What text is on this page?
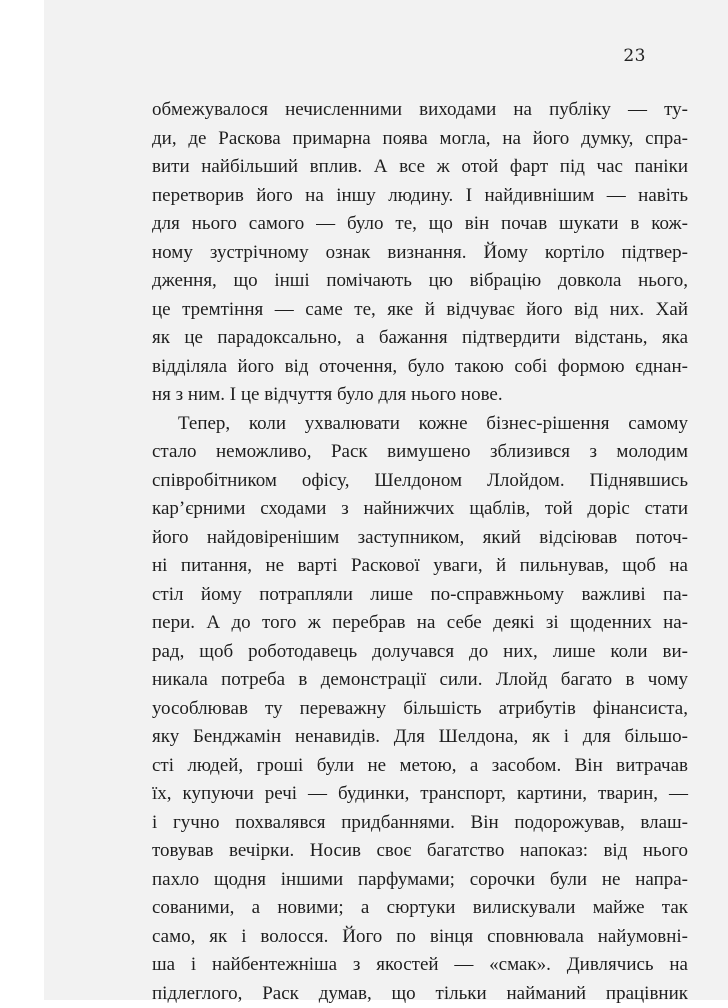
23
обмежувалося нечисленними виходами на публіку — ту-
ди, де Раскова примарна поява могла, на його думку, спра-
вити найбільший вплив. А все ж отой фарт під час паніки
перетворив його на іншу людину. І найдивнішим — навіть
для нього самого — було те, що він почав шукати в кож-
ному зустрічному ознак визнання. Йому кортіло підтвер-
дження, що інші помічають цю вібрацію довкола нього,
це тремтіння — саме те, яке й відчуває його від них. Хай
як це парадоксально, а бажання підтвердити відстань, яка
відділяла його від оточення, було такою собі формою єднан-
ня з ним. І це відчуття було для нього нове.
Тепер, коли ухвалювати кожне бізнес-рішення самому
стало неможливо, Раск вимушено зблизився з молодим
співробітником офісу, Шелдоном Ллойдом. Піднявшись
кар’єрними сходами з найнижчих щаблів, той доріс стати
його найдовіренішим заступником, який відсіював поточ-
ні питання, не варті Раскової уваги, й пильнував, щоб на
стіл йому потрапляли лише по-справжньому важливі па-
пери. А до того ж перебрав на себе деякі зі щоденних на-
рад, щоб роботодавець долучався до них, лише коли ви-
никала потреба в демонстрації сили. Ллойд багато в чому
уособлював ту переважну більшість атрибутів фінансиста,
яку Бенджамін ненавидів. Для Шелдона, як і для більшо-
сті людей, гроші були не метою, а засобом. Він витрачав
їх, купуючи речі — будинки, транспорт, картини, тварин, —
і гучно похвалявся придбаннями. Він подорожував, влаш-
товував вечірки. Носив своє багатство напоказ: від нього
пахло щодня іншими парфумами; сорочки були не напра-
сованими, а новими; а сюртуки вилискували майже так
само, як і волосся. Його по вінця сповнювала найумовні-
ша і найбентежніша з якостей — «смак». Дивлячись на
підлеглого, Раск думав, що тільки найманий працівник
